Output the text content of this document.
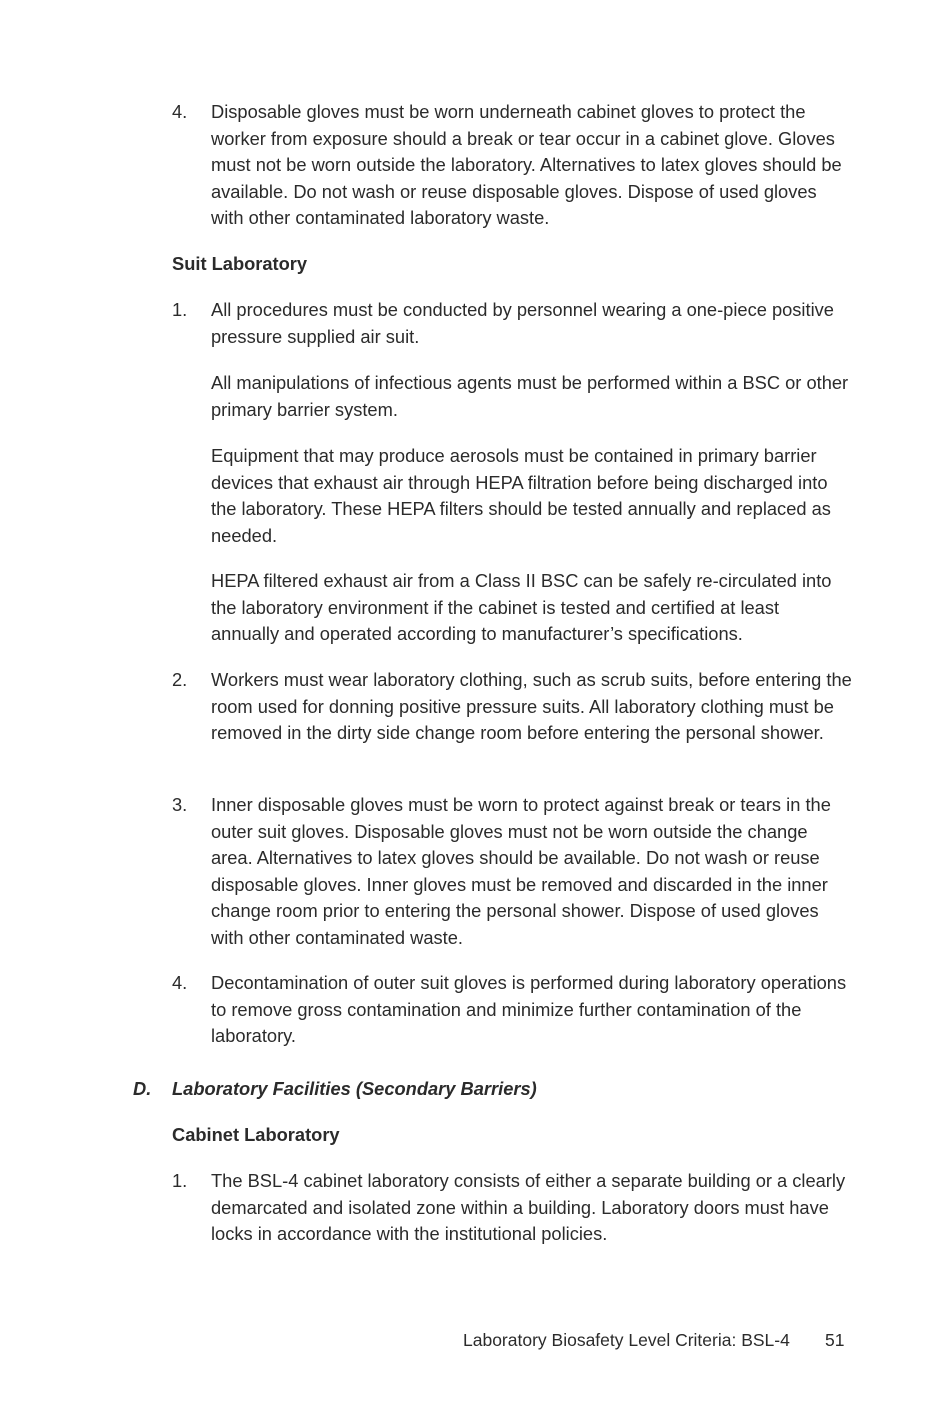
4.	Disposable gloves must be worn underneath cabinet gloves to protect the worker from exposure should a break or tear occur in a cabinet glove. Gloves must not be worn outside the laboratory. Alternatives to latex gloves should be available. Do not wash or reuse disposable gloves. Dispose of used gloves with other contaminated laboratory waste.
Suit Laboratory
1.	All procedures must be conducted by personnel wearing a one-piece positive pressure supplied air suit.
All manipulations of infectious agents must be performed within a BSC or other primary barrier system.
Equipment that may produce aerosols must be contained in primary barrier devices that exhaust air through HEPA filtration before being discharged into the laboratory. These HEPA filters should be tested annually and replaced as needed.
HEPA filtered exhaust air from a Class II BSC can be safely re-circulated into the laboratory environment if the cabinet is tested and certified at least annually and operated according to manufacturer’s specifications.
2.	Workers must wear laboratory clothing, such as scrub suits, before entering the room used for donning positive pressure suits. All laboratory clothing must be removed in the dirty side change room before entering the personal shower.
3.	Inner disposable gloves must be worn to protect against break or tears in the outer suit gloves. Disposable gloves must not be worn outside the change area. Alternatives to latex gloves should be available. Do not wash or reuse disposable gloves. Inner gloves must be removed and discarded in the inner change room prior to entering the personal shower. Dispose of used gloves with other contaminated waste.
4.	Decontamination of outer suit gloves is performed during laboratory operations to remove gross contamination and minimize further contamination of the laboratory.
D. Laboratory Facilities (Secondary Barriers)
Cabinet Laboratory
1.	The BSL-4 cabinet laboratory consists of either a separate building or a clearly demarcated and isolated zone within a building. Laboratory doors must have locks in accordance with the institutional policies.
Laboratory Biosafety Level Criteria: BSL-4 51
